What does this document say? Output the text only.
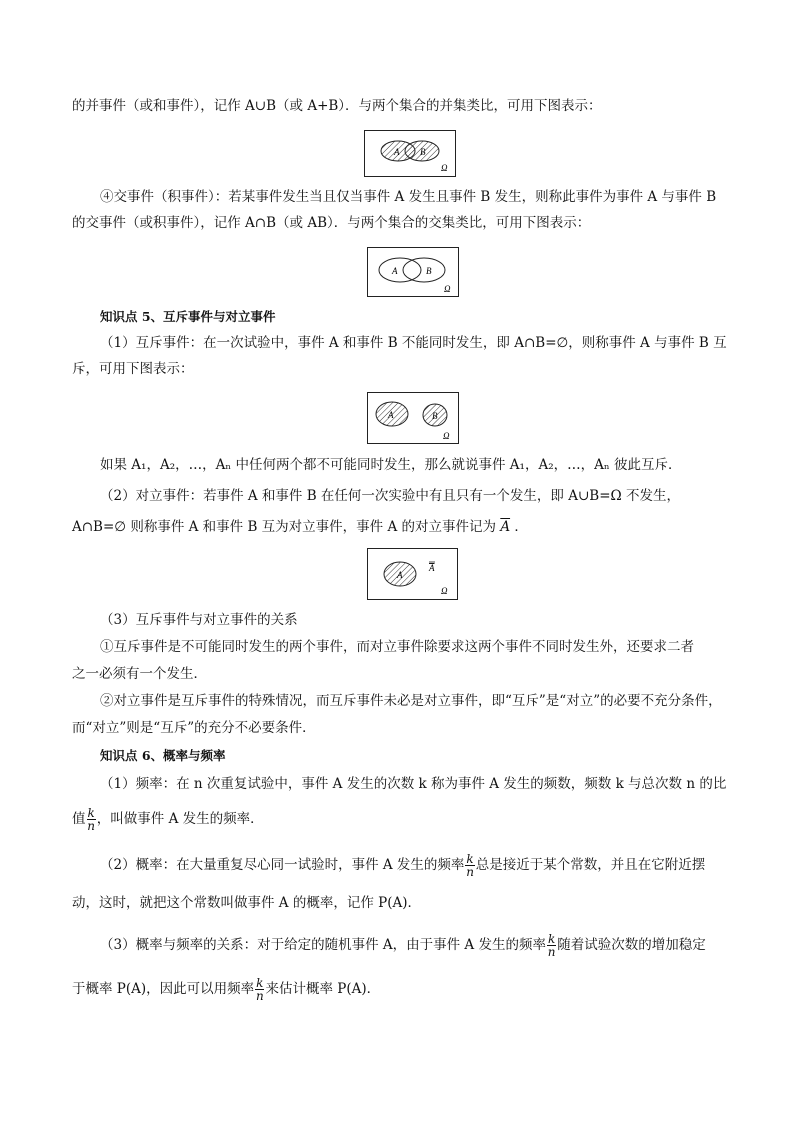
的并事件（或和事件），记作 A∪B（或 A+B）．与两个集合的并集类比，可用下图表示：
A B
Ω
④交事件（积事件）：若某事件发生当且仅当事件 A 发生且事件 B 发生，则称此事件为事件 A 与事件 B
的交事件（或积事件），记作 A∩B（或 AB）．与两个集合的交集类比，可用下图表示：
A	B
Ω
知识点 5、互斥事件与对立事件
（1）互斥事件：在一次试验中，事件 A 和事件 B 不能同时发生，即 A∩B=∅，则称事件 A 与事件 B 互
斥，可用下图表示：
A	B
Ω
如果 A₁，A₂，…，Aₙ 中任何两个都不可能同时发生，那么就说事件 A₁，A₂，…，Aₙ 彼此互斥．
（2）对立事件：若事件 A 和事件 B 在任何一次实验中有且只有一个发生，即 A∪B=Ω 不发生，
A∩B=∅ 则称事件 A 和事件 B 互为对立事件，事件 A 的对立事件记为 $\overline{A}$ ．
A
A
Ω
（3）互斥事件与对立事件的关系
①互斥事件是不可能同时发生的两个事件，而对立事件除要求这两个事件不同时发生外，还要求二者
之一必须有一个发生．
②对立事件是互斥事件的特殊情况，而互斥事件未必是对立事件，即“互斥”是“对立”的必要不充分条件，
而“对立”则是“互斥”的充分不必要条件．
知识点 6、概率与频率
（1）频率：在 n 次重复试验中，事件 A 发生的次数 k 称为事件 A 发生的频数，频数 k 与总次数 n 的比
值 $\frac{k}{n}$ ，叫做事件 A 发生的频率．
（2）概率：在大量重复尽心同一试验时，事件 A 发生的频率 $\frac{k}{n}$ 总是接近于某个常数，并且在它附近摆
动，这时，就把这个常数叫做事件 A 的概率，记作 P(A)．
（3）概率与频率的关系：对于给定的随机事件 A，由于事件 A 发生的频率 $\frac{k}{n}$ 随着试验次数的增加稳定
于概率 P(A)，因此可以用频率 $\frac{k}{n}$ 来估计概率 P(A)．
